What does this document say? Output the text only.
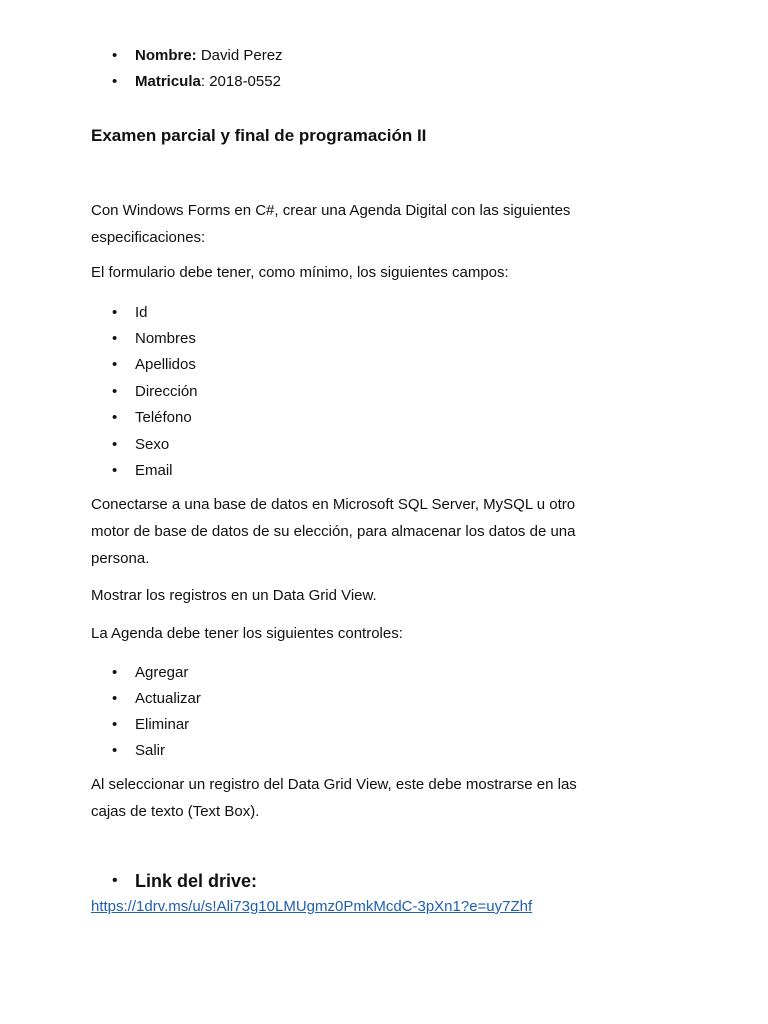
• Nombre: David Perez

• Matricula: 2018-0552

Examen parcial y final de programación II

Con Windows Forms en C#, crear una Agenda Digital con las siguientes especificaciones:

El formulario debe tener, como mínimo, los siguientes campos:

• Id

• Nombres

• Apellidos

• Dirección

• Teléfono

• Sexo

• Email

Conectarse a una base de datos en Microsoft SQL Server, MySQL u otro motor de base de datos de su elección, para almacenar los datos de una persona.

Mostrar los registros en un Data Grid View.

La Agenda debe tener los siguientes controles:

• Agregar

• Actualizar

• Eliminar

• Salir

Al seleccionar un registro del Data Grid View, este debe mostrarse en las cajas de texto (Text Box).

• Link del drive:

https://1drv.ms/u/s!Ali73g10LMUgmz0PmkMcdC-3pXn1?e=uy7Zhf
